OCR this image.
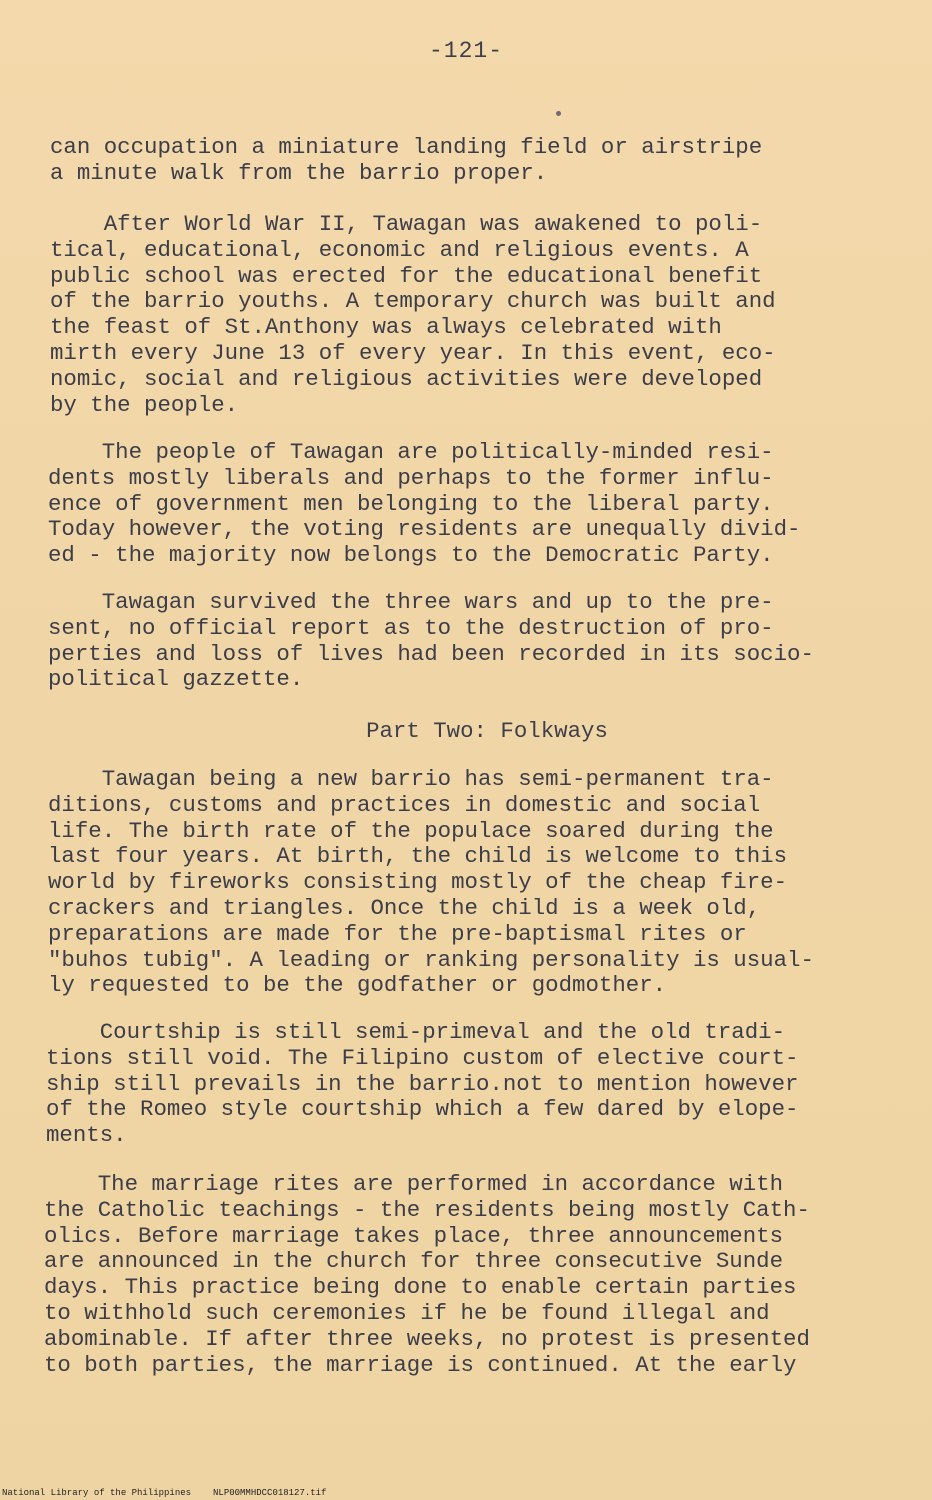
-121-

can occupation a miniature landing field or airstripe
a minute walk from the barrio proper.

After World War II, Tawagan was awakened to poli-
tical, educational, economic and religious events. A
public school was erected for the educational benefit
of the barrio youths. A temporary church was built and
the feast of St.Anthony was always celebrated with
mirth every June 13 of every year. In this event, eco-
nomic, social and religious activities were developed
by the people.

The people of Tawagan are politically-minded resi-
dents mostly liberals and perhaps to the former influ-
ence of government men belonging to the liberal party.
Today however, the voting residents are unequally divid-
ed - the majority now belongs to the Democratic Party.

Tawagan survived the three wars and up to the pre-
sent, no official report as to the destruction of pro-
perties and loss of lives had been recorded in its socio-
political gazzette.

Part Two: Folkways

Tawagan being a new barrio has semi-permanent tra-
ditions, customs and practices in domestic and social
life. The birth rate of the populace soared during the
last four years. At birth, the child is welcome to this
world by fireworks consisting mostly of the cheap fire-
crackers and triangles. Once the child is a week old,
preparations are made for the pre-baptismal rites or
"buhos tubig". A leading or ranking personality is usual-
ly requested to be the godfather or godmother.

Courtship is still semi-primeval and the old tradi-
tions still void. The Filipino custom of elective court-
ship still prevails in the barrio.not to mention however
of the Romeo style courtship which a few dared by elope-
ments.

The marriage rites are performed in accordance with
the Catholic teachings - the residents being mostly Cath-
olics. Before marriage takes place, three announcements
are announced in the church for three consecutive Sunde
days. This practice being done to enable certain parties
to withhold such ceremonies if he be found illegal and
abominable. If after three weeks, no protest is presented
to both parties, the marriage is continued. At the early

National Library of the Philippines NLP00MMHDCC018127.tif
